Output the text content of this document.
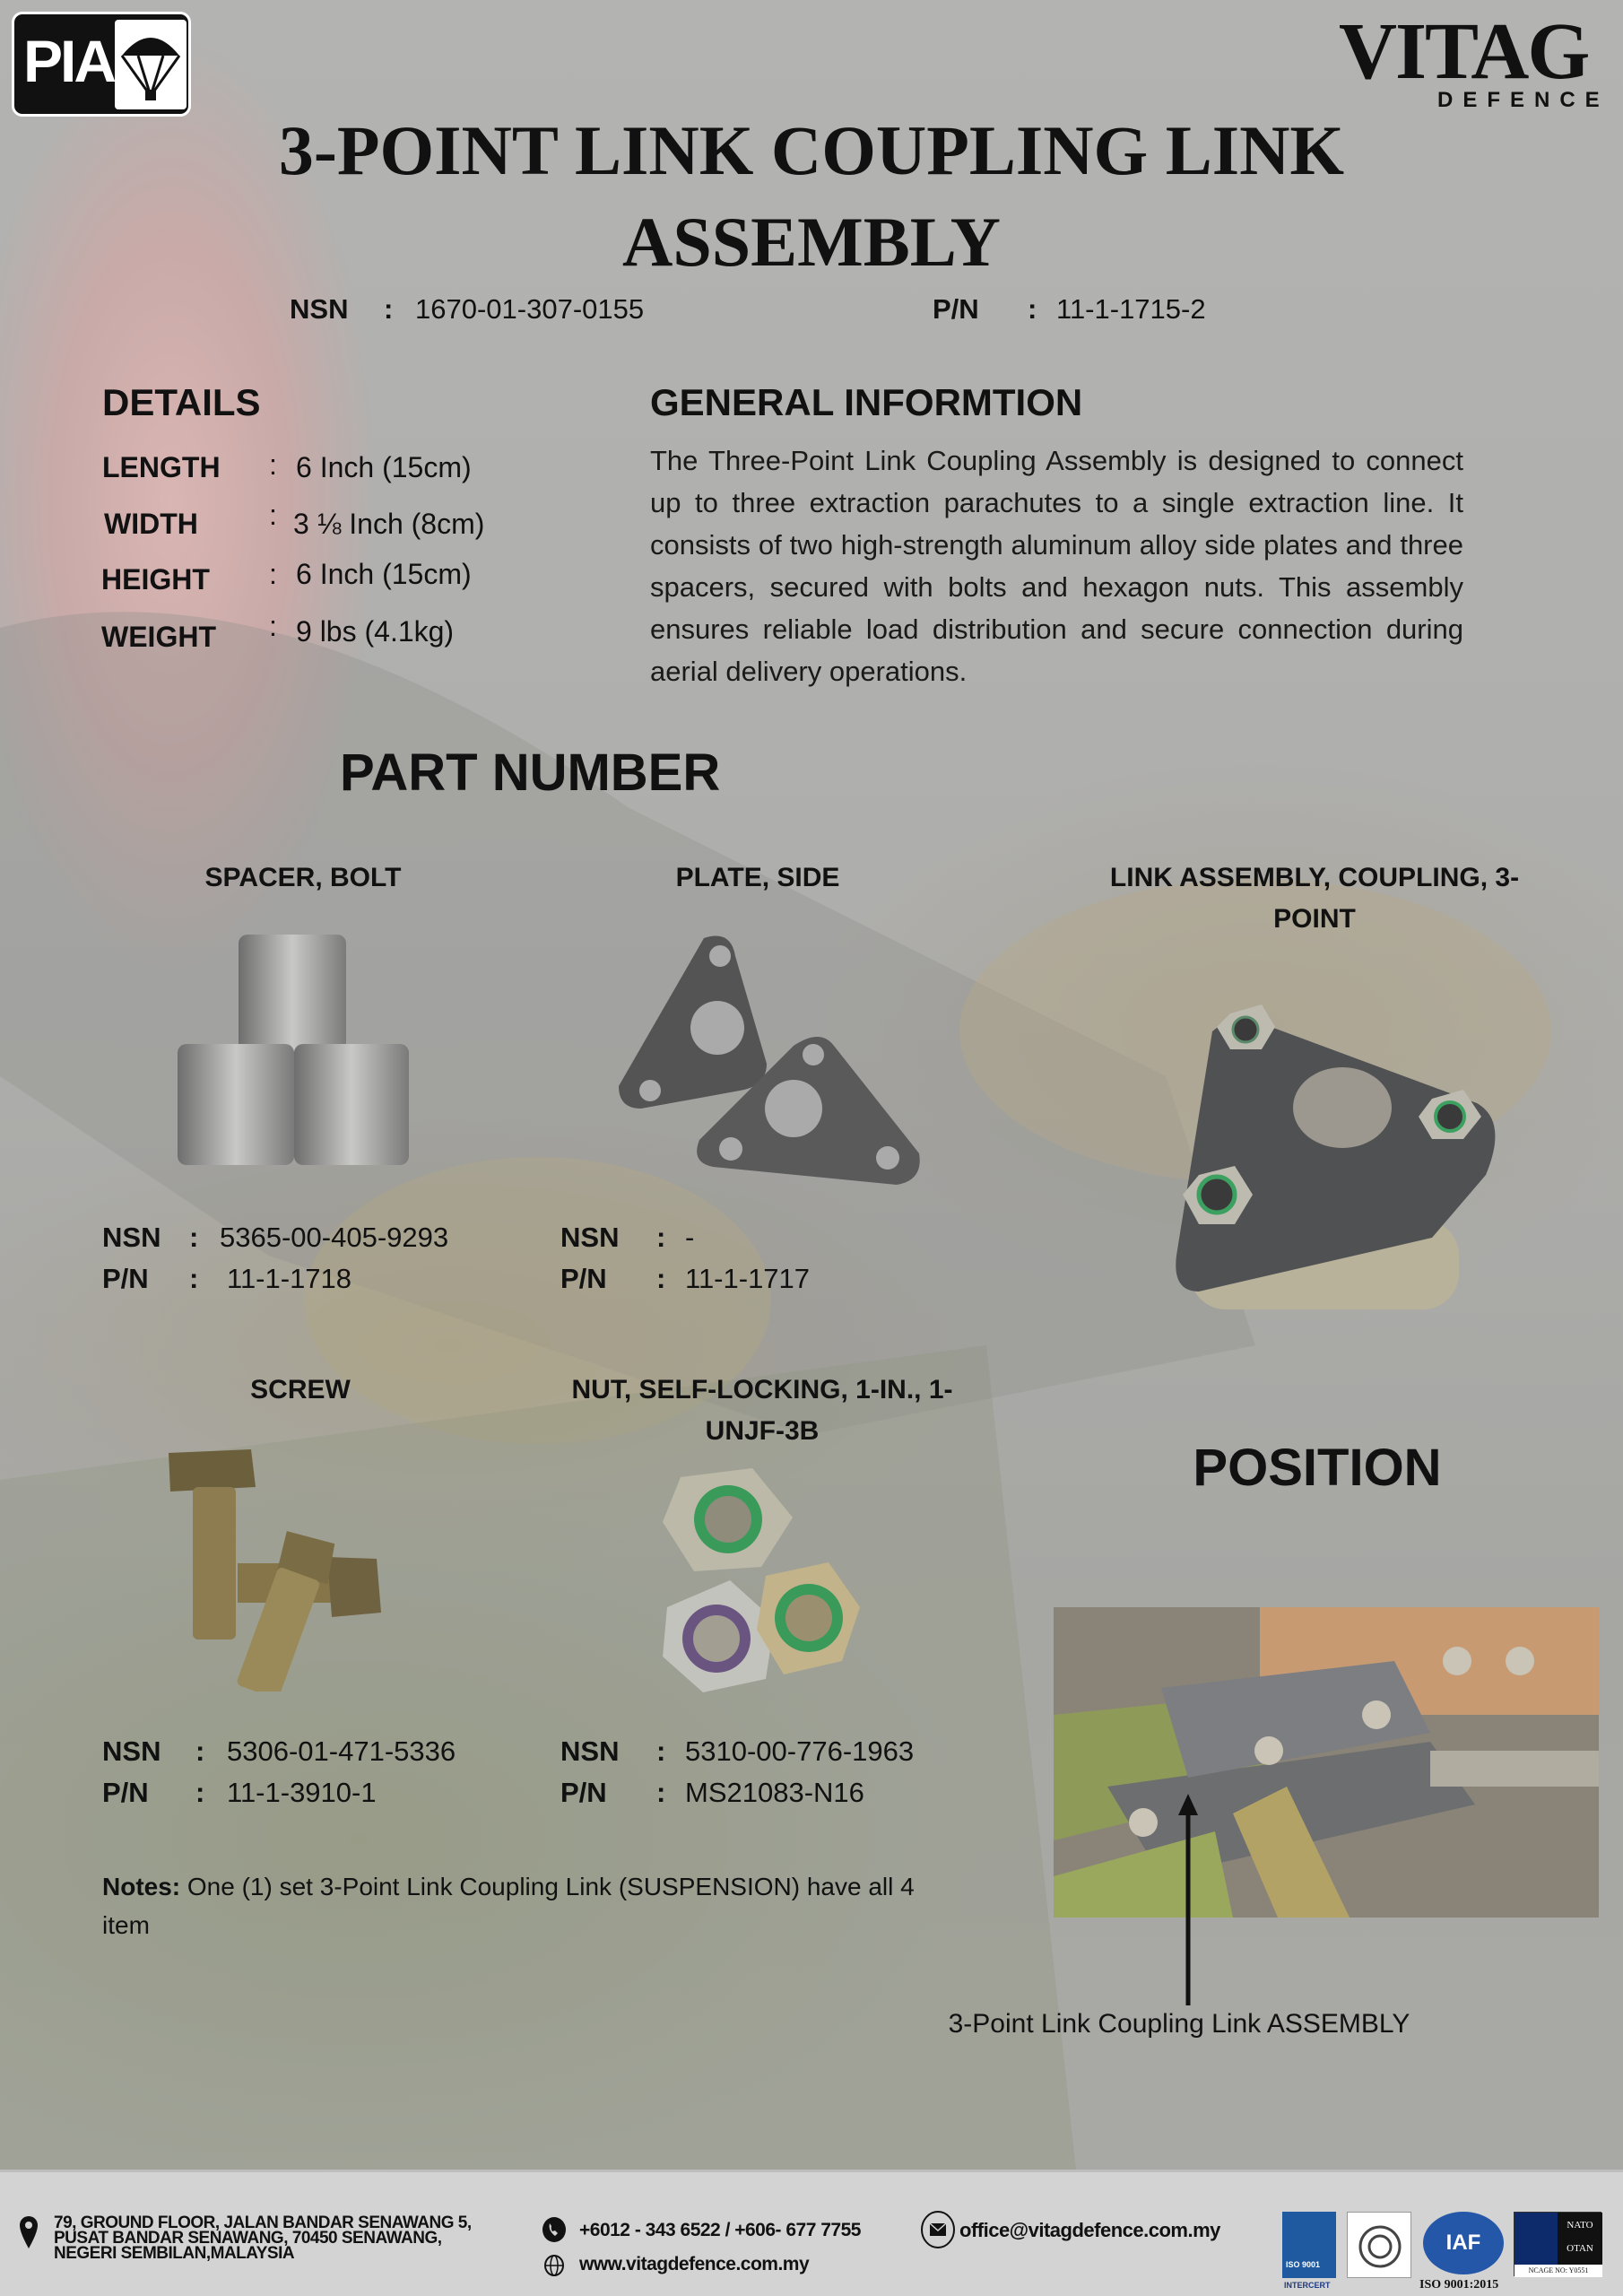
PIA	VITAG
DEFENCE
3-POINT LINK COUPLING LINK
ASSEMBLY
NSN : 1670-01-307-0155	P/N : 11-1-1715-2
DETAILS
LENGTH : 6 Inch (15cm)
WIDTH : 3 ⅛ Inch (8cm)
HEIGHT : 6 Inch (15cm)
WEIGHT : 9 lbs (4.1kg)
GENERAL INFORMTION
The Three-Point Link Coupling Assembly is designed to connect up to three extraction parachutes to a single extraction line. It consists of two high-strength aluminum alloy side plates and three spacers, secured with bolts and hexagon nuts. This assembly ensures reliable load distribution and secure connection during aerial delivery operations.
PART NUMBER
SPACER, BOLT	PLATE, SIDE	LINK ASSEMBLY, COUPLING, 3-
POINT
NSN : 5365-00-405-9293
P/N : 11-1-1718
NSN : -
P/N : 11-1-1717
SCREW	NUT, SELF-LOCKING, 1-IN., 1-
UNJF-3B
NSN : 5306-01-471-5336
P/N : 11-1-3910-1
NSN : 5310-00-776-1963
P/N : MS21083-N16
Notes: One (1) set 3-Point Link Coupling Link (SUSPENSION) have all 4
item
POSITION
3-Point Link Coupling Link ASSEMBLY
79, GROUND FLOOR, JALAN BANDAR SENAWANG 5,
PUSAT BANDAR SENAWANG, 70450 SENAWANG,
NEGERI SEMBILAN,MALAYSIA
+6012 - 343 6522 / +606- 677 7755
www.vitagdefence.com.my
office@vitagdefence.com.my
ISO 9001
INTERCERT
IAF
ISO 9001:2015
NATO
OTAN
NCAGE NO: Y0551
